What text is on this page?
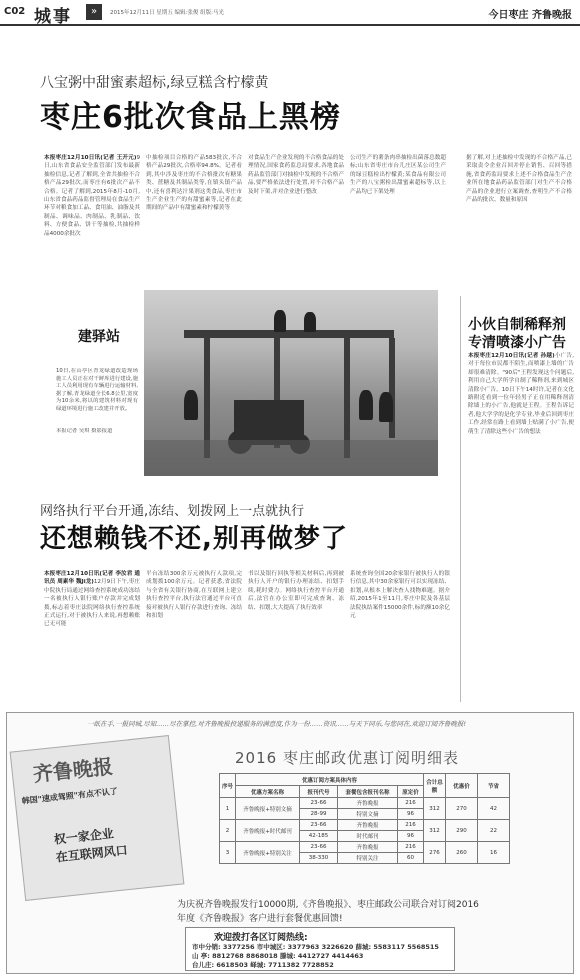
C02 城事	»	2015年12月11日 星期五 编辑:张俊 组版:马光	今日枣庄 齐鲁晚报
八宝粥中甜蜜素超标,绿豆糕含柠檬黄
枣庄6批次食品上黑榜
本报枣庄12月10日讯(记者 王开元)9日,山东省食品安全监管部门发布最新抽检信息,记者了解到,全省共抽检不合格产品29批次,而枣庄有6批次产品不合格。记者了解到,2015年8月-10月,山东省食品药品监督管理局在食品生产环节对粮食加工品、食用油、油脂及其制品、调味品、肉制品、乳制品、饮料、方便食品、饼干等抽检,共抽检样品4000余批次
中抽检项目合格的产品583批次,不合格产品29批次,合格率94.8%。记者看到,其中涉及枣庄的不合格批次有糖果类、蔗糖及其制品类等,在镇头镇产品中,还有喜利达汁果剂这类食品,枣庄市生产企业生产的有甜蜜素等,记者在此期间的产品中有甜蜜素和柠檬黄等
对食品生产企业发现的不合格食品的处理情况,国家食药监总局要求,各地食品药品监管部门对抽检中发现的不合格产品,要严格依法进行处置,对不合格产品及时下架,并对企业进行整改
公司生产的薯条肉串抽检出菌落总数超标;山东省枣庄市台儿庄区某公司生产的绿豆糕检出柠檬黄;某食品有限公司生产的八宝粥检出甜蜜素超标等,以上产品均已下架处理
据了解,对上述抽检中发现的不合格产品,已采取责令企业召回并停止销售、召回等措施,省食药监局要求上述不合格食品生产企业所在地食品药品监管部门对生产不合格产品的企业进行立案调查,查明生产不合格产品的批次、数量和原因
建驿站
10日,在山亭区青龙绿道改造现场施工人员正在对干鲜库进行建设,施工人员利用现有车辆进行运输材料,据了解,青龙绿道全长6.8公里,宽度为10余米,将以的建筑材料对现有绿道环境进行施工改建并开放。
本报记者 吴琪 摄影报道
小伙自制稀释剂
专清喷漆小广告
本报枣庄12月10日讯(记者 孙越)小广告,对于每位市民都不陌生,而喷漆上墙的广告却很难清除。"90后"王程发现这个问题后,利用自己大学所学自制了稀释剂,来到城区清除小广告。10日下午14时许,记者在文化路附近看到一位年轻男子正在用稀释剂清除墙上的小广告,他就是王程。王程告诉记者,他大学学的是化学专业,毕业后回到枣庄工作,经常在路上看到墙上贴满了小广告,便萌生了清除这些小广告的想法
网络执行平台开通,冻结、划拨网上一点就执行
还想赖钱不还,别再做梦了
本报枣庄12月10日讯(记者 李汝君 通讯员 周素华 魏Ji龙)12月9日下午,枣庄中院执行局通过网络查控系统成功冻结一名被执行人银行账户存款并完成划拨,标志着枣庄法院网络执行查控系统正式运行,对于被执行人来说,再想赖账已无可能
平台冻结300余万元被执行人款项,完成划拨100余万元。记者获悉,省法院与全省有关银行协商,在互联网上建立执行查控平台,执行法官通过平台可直接对被执行人银行存款进行查询、冻结和扣划
书以及银行回执等相关材料后,再到被执行人开户的银行办理冻结、扣划手续,耗时费力。网络执行查控平台开通后,法官在办公室即可完成查询、冻结、扣划,大大提高了执行效率
系统查询全国20余家银行被执行人的银行信息,其中30余家银行可以实现冻结、扣划,从根本上解决查人找物难题。据介绍,2015年1至11月,枣庄中院及各基层法院执结案件15000余件,标的额10余亿元
一纸在手,一报同城,尽知……尽在掌控,对齐鲁晚报投递服务的满意度,作为一份……资讯……与天下同乐,与您同在,欢迎订阅齐鲁晚报!
齐鲁晚报
韩国"速成驾照"有点不认了
权一家企业
在互联网风口
2016 枣庄邮政优惠订阅明细表
序号	优惠订阅方案具体内容				合计总额	优惠价	节省
	优惠方案名称	报刊代号	套餐包含报刊名称	原定价			
1	齐鲁晚报+特别文摘	23-66	齐鲁晚报	216	312	270	42
		28-99	特别文摘	96			
2	齐鲁晚报+时代邮刊	23-66	齐鲁晚报	216	312	290	22
		42-185	时代邮刊	96			
3	齐鲁晚报+特别关注	23-66	齐鲁晚报	216	276	260	16
		38-330	特别关注	60			
为庆祝齐鲁晚报发行10000期,《齐鲁晚报》、枣庄邮政公司联合对订阅2016
年度《齐鲁晚报》客户进行套餐优惠回馈!
欢迎拨打各区订阅热线:
市中分销: 3377256 市中城区: 3377963 3226620 薛城: 5583117 5568515
山 亭: 8812768 8868018 滕城: 4412727 4414463
台儿庄: 6618503 峄城: 7711382 7728852
